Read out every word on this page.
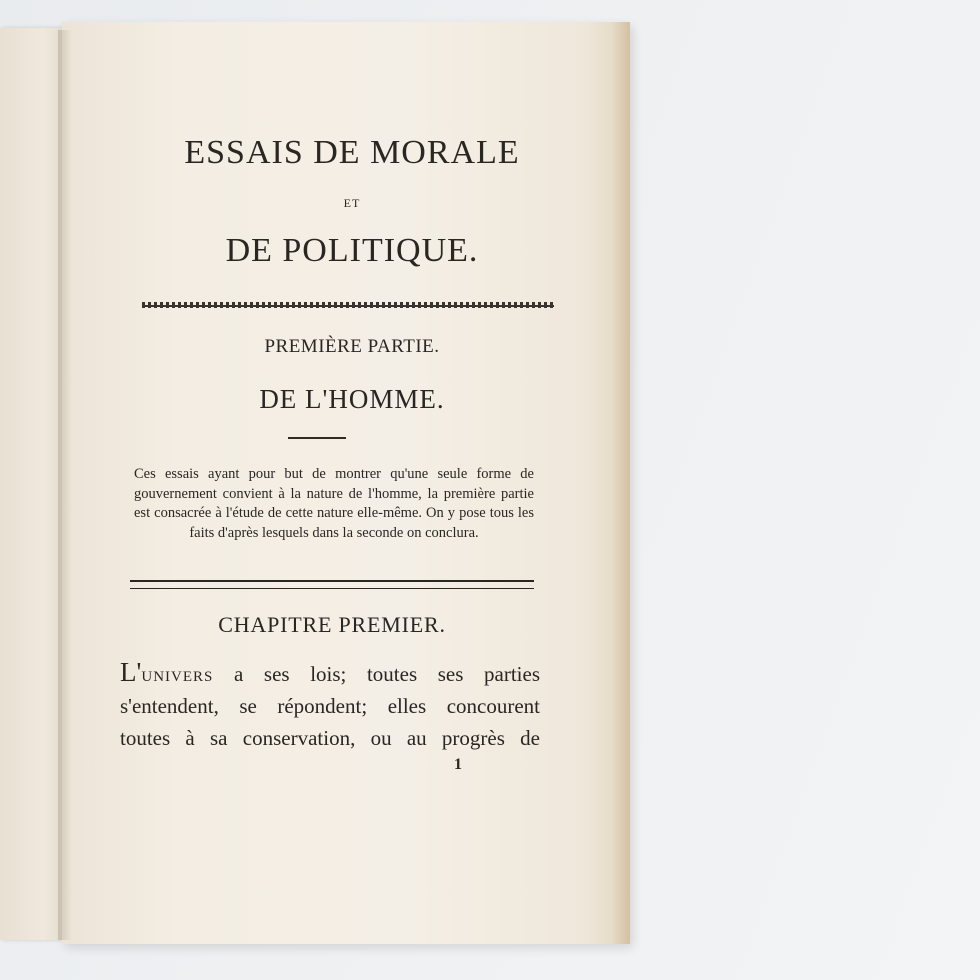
ESSAIS DE MORALE
ET
DE POLITIQUE.
PREMIÈRE PARTIE.
DE L'HOMME.
Ces essais ayant pour but de montrer qu'une seule forme de gouvernement convient à la nature de l'homme, la première partie est consacrée à l'étude de cette nature elle-même. On y pose tous les faits d'après lesquels dans la seconde on conclura.
CHAPITRE PREMIER.
L'univers a ses lois; toutes ses parties
s'entendent, se répondent; elles concourent
toutes à sa conservation, ou au progrès de
1
